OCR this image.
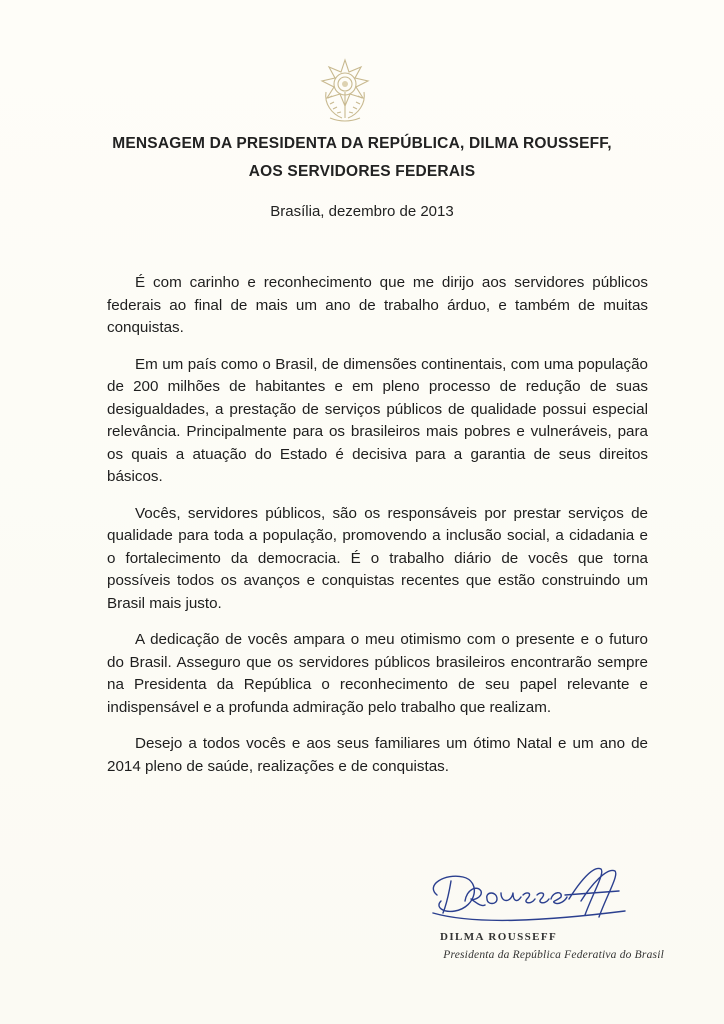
MENSAGEM DA PRESIDENTA DA REPÚBLICA, DILMA ROUSSEFF,
AOS SERVIDORES FEDERAIS
Brasília, dezembro de 2013

É com carinho e reconhecimento que me dirijo aos servidores públicos federais ao final de mais um ano de trabalho árduo, e também de muitas conquistas.

Em um país como o Brasil, de dimensões continentais, com uma população de 200 milhões de habitantes e em pleno processo de redução de suas desigualdades, a prestação de serviços públicos de qualidade possui especial relevância. Principalmente para os brasileiros mais pobres e vulneráveis, para os quais a atuação do Estado é decisiva para a garantia de seus direitos básicos.

Vocês, servidores públicos, são os responsáveis por prestar serviços de qualidade para toda a população, promovendo a inclusão social, a cidadania e o fortalecimento da democracia. É o trabalho diário de vocês que torna possíveis todos os avanços e conquistas recentes que estão construindo um Brasil mais justo.

A dedicação de vocês ampara o meu otimismo com o presente e o futuro do Brasil. Asseguro que os servidores públicos brasileiros encontrarão sempre na Presidenta da República o reconhecimento de seu papel relevante e indispensável e a profunda admiração pelo trabalho que realizam.

Desejo a todos vocês e aos seus familiares um ótimo Natal e um ano de 2014 pleno de saúde, realizações e de conquistas.

DILMA ROUSSEFF
Presidenta da República Federativa do Brasil
